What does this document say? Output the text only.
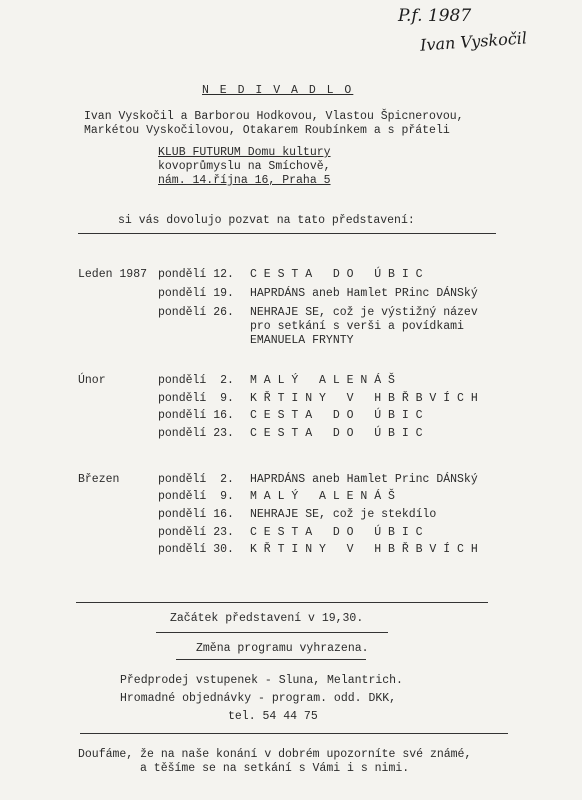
P.f. 1987
Ivan Vyskočil
N E D I V A D L O
Ivan Vyskočil a Barborou Hodkovou, Vlastou Špicnerovou,
Markétou Vyskočilovou, Otakarem Roubínkem a s přáteli
KLUB FUTURUM Domu kultury
kovoprůmyslu na Smíchově,
nám. 14.října 16, Praha 5
si vás dovolujo pozvat na tato představení:
Leden 1987 pondělí 12. C E S T A   D O   Ú B I C
pondělí 19. HAPRDÁNS aneb Hamlet PRinc DÁNSký
pondělí 26. NEHRAJE SE, což je výstižný název
pro setkání s verši a povídkami
EMANUELA FRYNTY
Únor	pondělí  2. M A L Ý   A L E N Á Š
pondělí  9. K Ř T I N Y   V   H B Ř B V Í C H
pondělí 16. C E S T A   D O   Ú B I C
pondělí 23. C E S T A   D O   Ú B I C
Březen	pondělí  2. HAPRDÁNS aneb Hamlet Princ DÁNSký
pondělí  9. M A L Ý   A L E N Á Š
pondělí 16. NEHRAJE SE, což je stekdílo
pondělí 23. C E S T A   D O   Ú B I C
pondělí 30. K Ř T I N Y   V   H B Ř B V Í C H
Začátek představení v 19,30.
Změna programu vyhrazena.
Předprodej vstupenek - Sluna, Melantrich.
Hromadné objednávky - program. odd. DKK,
tel. 54 44 75
Doufáme, že na naše konání v dobrém upozorníte své známé,
a těšíme se na setkání s Vámi i s nimi.
